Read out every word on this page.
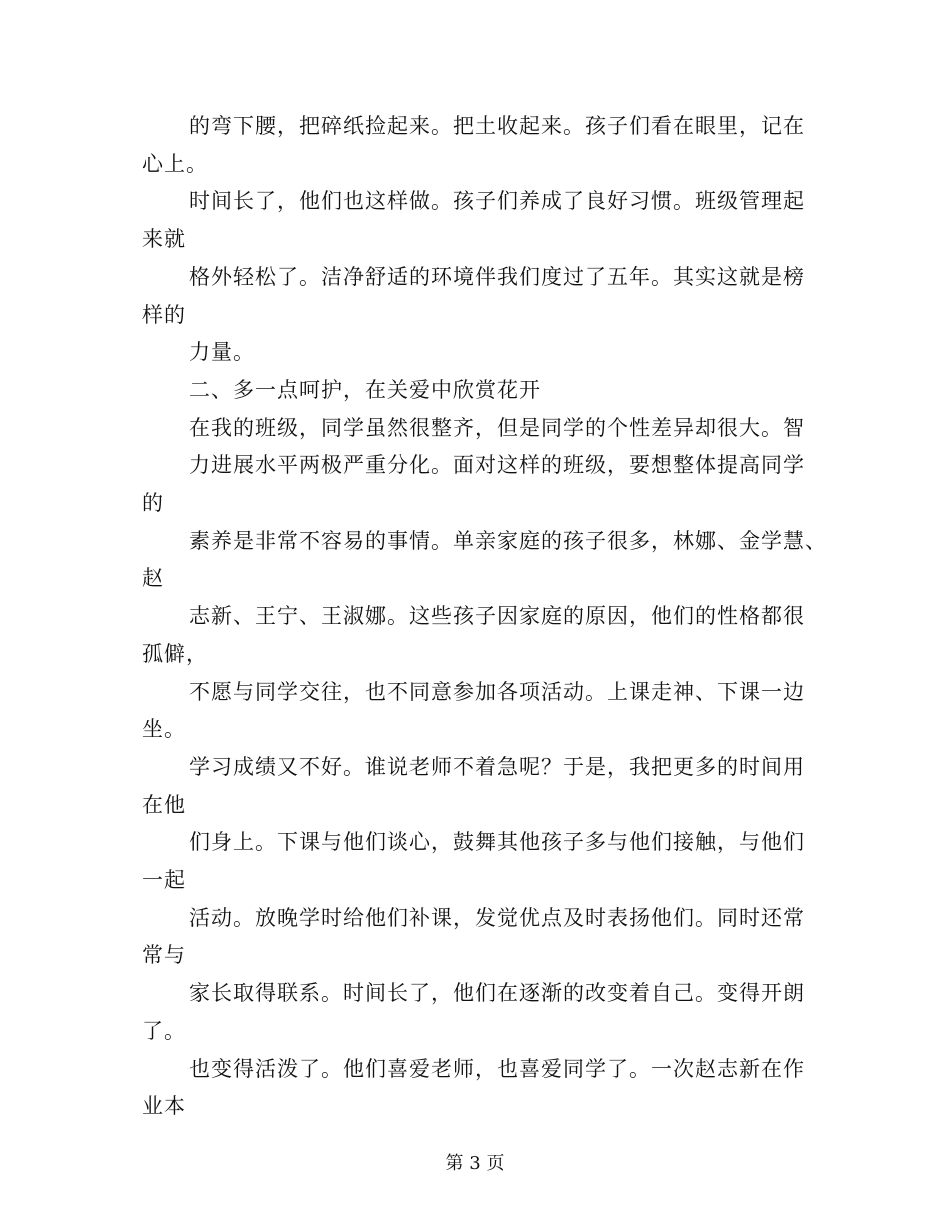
的弯下腰，把碎纸捡起来。把土收起来。孩子们看在眼里，记在
心上。
时间长了，他们也这样做。孩子们养成了良好习惯。班级管理起
来就
格外轻松了。洁净舒适的环境伴我们度过了五年。其实这就是榜
样的
力量。
二、多一点呵护，在关爱中欣赏花开
在我的班级，同学虽然很整齐，但是同学的个性差异却很大。智
力进展水平两极严重分化。面对这样的班级，要想整体提高同学
的
素养是非常不容易的事情。单亲家庭的孩子很多，林娜、金学慧、
赵
志新、王宁、王淑娜。这些孩子因家庭的原因，他们的性格都很
孤僻，
不愿与同学交往，也不同意参加各项活动。上课走神、下课一边
坐。
学习成绩又不好。谁说老师不着急呢？于是，我把更多的时间用
在他
们身上。下课与他们谈心，鼓舞其他孩子多与他们接触，与他们
一起
活动。放晚学时给他们补课，发觉优点及时表扬他们。同时还常
常与
家长取得联系。时间长了，他们在逐渐的改变着自己。变得开朗
了。
也变得活泼了。他们喜爱老师，也喜爱同学了。一次赵志新在作
业本
第 3 页
